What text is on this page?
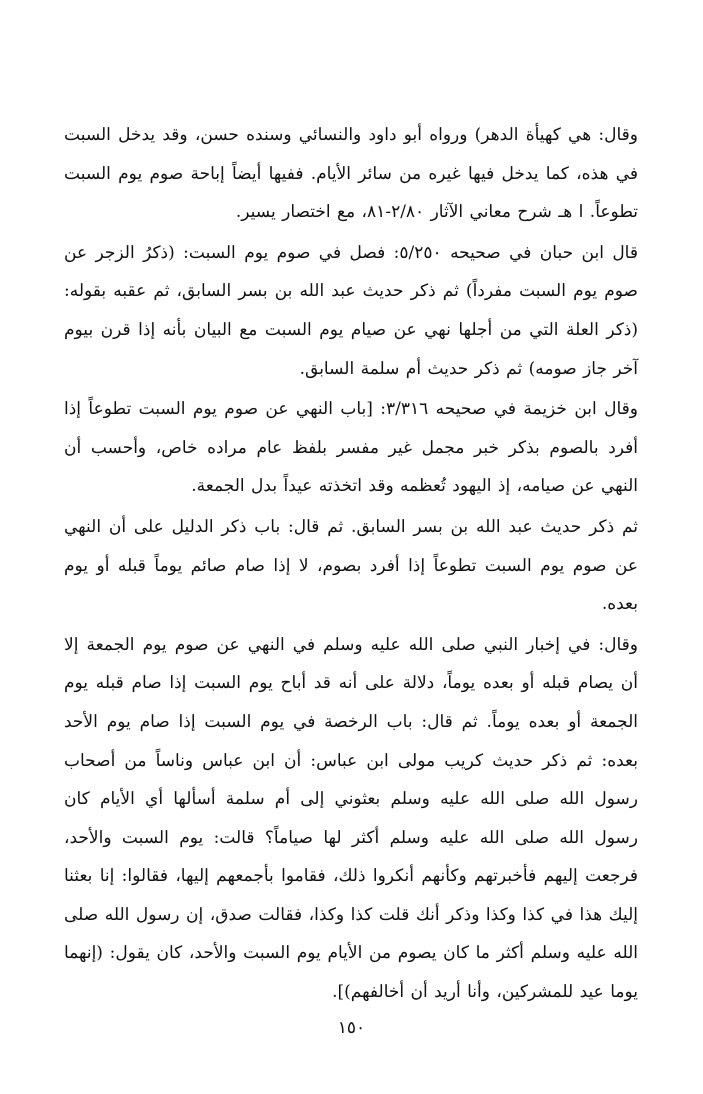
وقال: هي كهيأة الدهر) ورواه أبو داود والنسائي وسنده حسن، وقد يدخل السبت في هذه، كما يدخل فيها غيره من سائر الأيام. ففيها أيضاً إباحة صوم يوم السبت تطوعاً. ا هـ شرح معاني الآثار ٢/٨٠-٨١، مع اختصار يسير.

قال ابن حبان في صحيحه ٥/٢٥٠: فصل في صوم يوم السبت: (ذكرُ الزجر عن صوم يوم السبت مفرداً) ثم ذكر حديث عبد الله بن بسر السابق، ثم عقبه بقوله: (ذكر العلة التي من أجلها نهي عن صيام يوم السبت مع البيان بأنه إذا قرن بيوم آخر جاز صومه) ثم ذكر حديث أم سلمة السابق.

وقال ابن خزيمة في صحيحه ٣/٣١٦: [باب النهي عن صوم يوم السبت تطوعاً إذا أفرد بالصوم بذكر خبر مجمل غير مفسر بلفظ عام مراده خاص، وأحسب أن النهي عن صيامه، إذ اليهود تُعظمه وقد اتخذته عيداً بدل الجمعة.

ثم ذكر حديث عبد الله بن بسر السابق. ثم قال: باب ذكر الدليل على أن النهي عن صوم يوم السبت تطوعاً إذا أفرد بصوم، لا إذا صام صائم يوماً قبله أو يوم بعده.

وقال: في إخبار النبي صلى الله عليه وسلم في النهي عن صوم يوم الجمعة إلا أن يصام قبله أو بعده يوماً، دلالة على أنه قد أباح يوم السبت إذا صام قبله يوم الجمعة أو بعده يوماً. ثم قال: باب الرخصة في يوم السبت إذا صام يوم الأحد بعده: ثم ذكر حديث كريب مولى ابن عباس: أن ابن عباس وناساً من أصحاب رسول الله صلى الله عليه وسلم بعثوني إلى أم سلمة أسألها أي الأيام كان رسول الله صلى الله عليه وسلم أكثر لها صياماً؟ قالت: يوم السبت والأحد، فرجعت إليهم فأخبرتهم وكأنهم أنكروا ذلك، فقاموا بأجمعهم إليها، فقالوا: إنا بعثنا إليك هذا في كذا وكذا وذكر أنك قلت كذا وكذا، فقالت صدق، إن رسول الله صلى الله عليه وسلم أكثر ما كان يصوم من الأيام يوم السبت والأحد، كان يقول: (إنهما يوما عيد للمشركين، وأنا أريد أن أخالفهم)].

١٥٠
